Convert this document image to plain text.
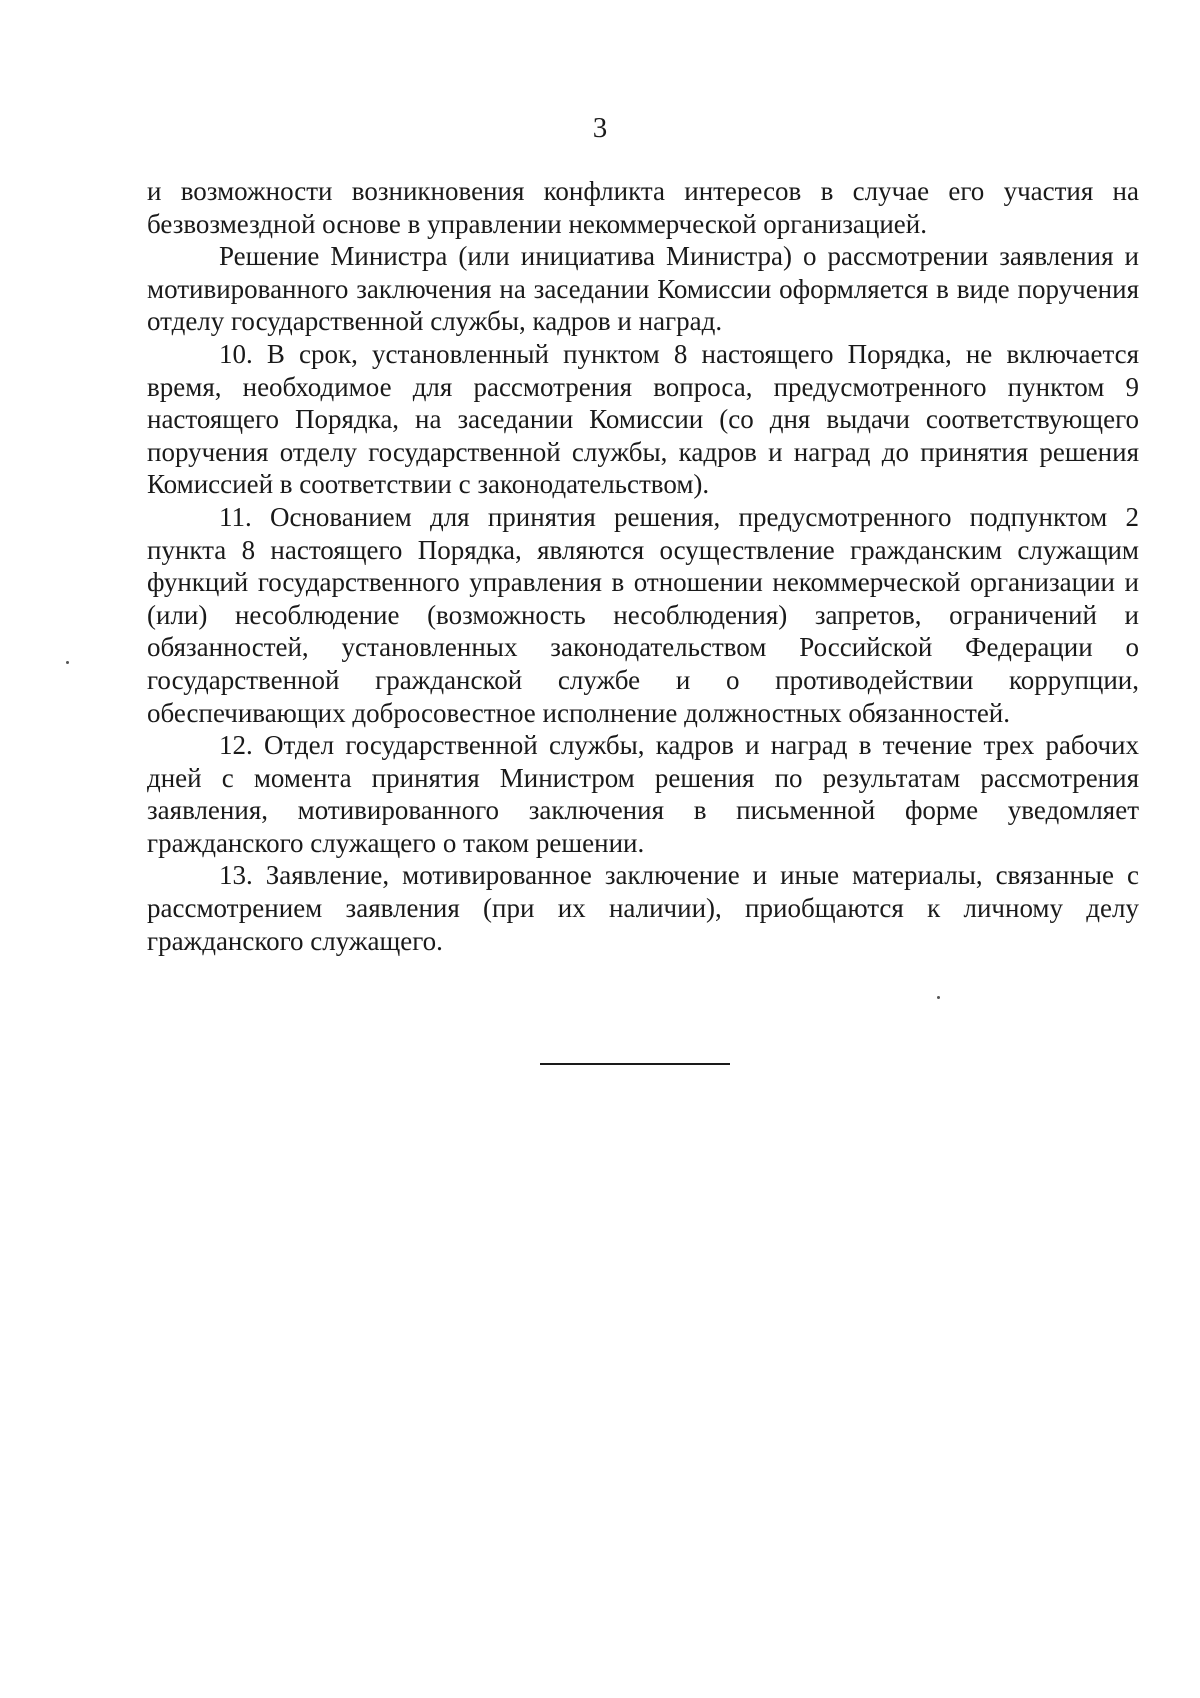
3

и возможности возникновения конфликта интересов в случае его участия на безвозмездной основе в управлении некоммерческой организацией.

Решение Министра (или инициатива Министра) о рассмотрении заявления и мотивированного заключения на заседании Комиссии оформляется в виде поручения отделу государственной службы, кадров и наград.

10. В срок, установленный пунктом 8 настоящего Порядка, не включается время, необходимое для рассмотрения вопроса, предусмотренного пунктом 9 настоящего Порядка, на заседании Комиссии (со дня выдачи соответствующего поручения отделу государственной службы, кадров и наград до принятия решения Комиссией в соответствии с законодательством).

11. Основанием для принятия решения, предусмотренного подпунктом 2 пункта 8 настоящего Порядка, являются осуществление гражданским служащим функций государственного управления в отношении некоммерческой организации и (или) несоблюдение (возможность несоблюдения) запретов, ограничений и обязанностей, установленных законодательством Российской Федерации о государственной гражданской службе и о противодействии коррупции, обеспечивающих добросовестное исполнение должностных обязанностей.

12. Отдел государственной службы, кадров и наград в течение трех рабочих дней с момента принятия Министром решения по результатам рассмотрения заявления, мотивированного заключения в письменной форме уведомляет гражданского служащего о таком решении.

13. Заявление, мотивированное заключение и иные материалы, связанные с рассмотрением заявления (при их наличии), приобщаются к личному делу гражданского служащего.
